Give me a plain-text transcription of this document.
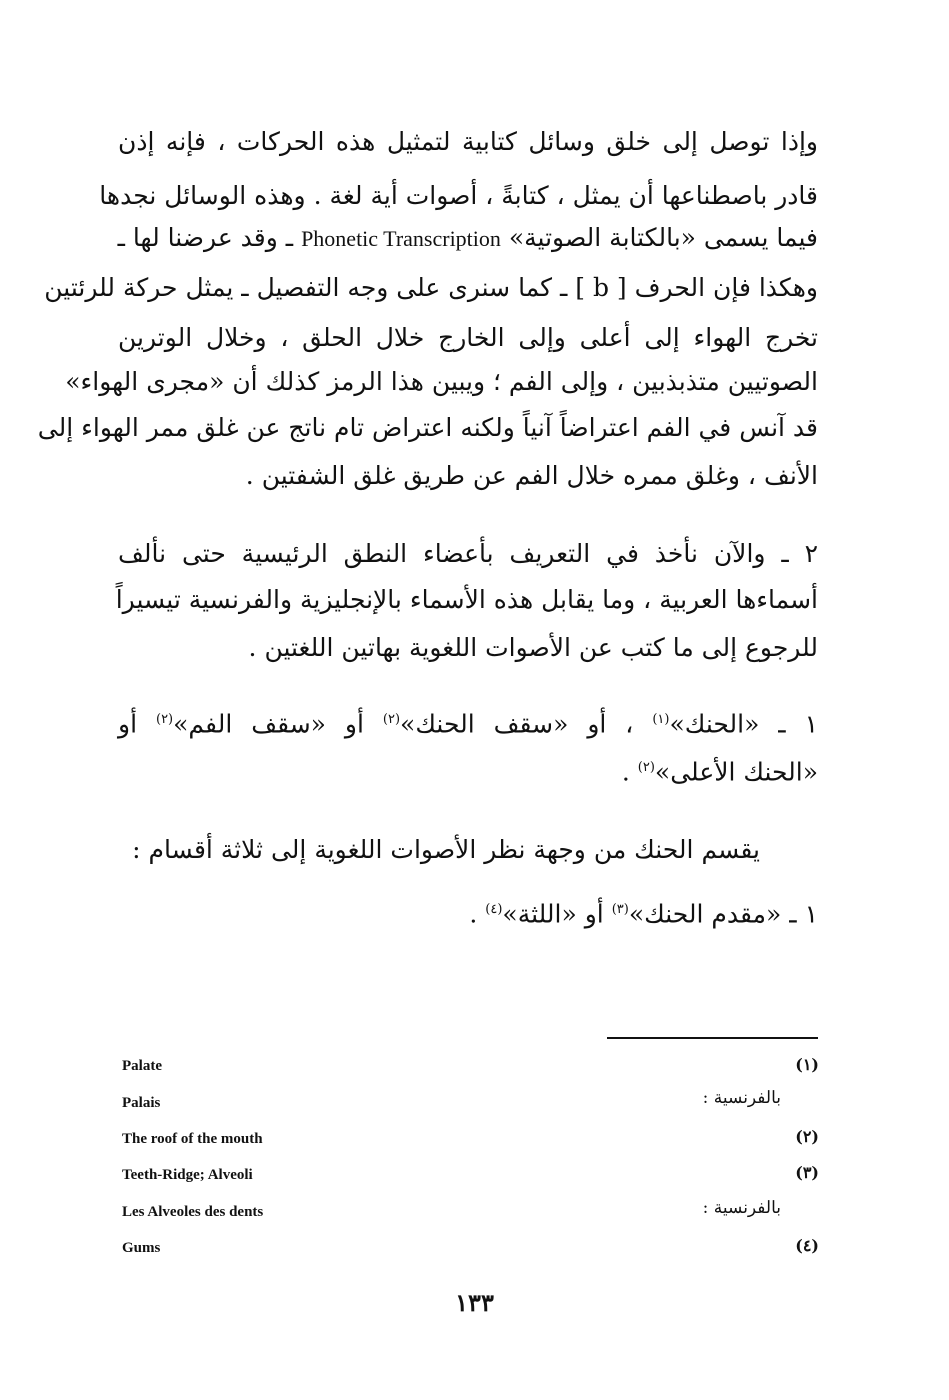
وإذا توصل إلى خلق وسائل كتابية لتمثيل هذه الحركات ، فإنه إذن
قادر باصطناعها أن يمثل ، كتابةً ، أصوات أية لغة . وهذه الوسائل نجدها
فيما يسمى «بالكتابة الصوتية» Phonetic Transcription ـ وقد عرضنا لها ـ
وهكذا فإن الحرف [ b ] ـ كما سنرى على وجه التفصيل ـ يمثل حركة للرئتين
تخرج الهواء إلى أعلى وإلى الخارج خلال الحلق ، وخلال الوترين
الصوتيين متذبذبين ، وإلى الفم ؛ ويبين هذا الرمز كذلك أن «مجرى الهواء»
قد آنس في الفم اعتراضاً آنياً ولكنه اعتراض تام ناتج عن غلق ممر الهواء إلى
الأنف ، وغلق ممره خلال الفم عن طريق غلق الشفتين .
٢ ـ والآن نأخذ في التعريف بأعضاء النطق الرئيسية حتى نألف
أسماءها العربية ، وما يقابل هذه الأسماء بالإنجليزية والفرنسية تيسيراً
للرجوع إلى ما كتب عن الأصوات اللغوية بهاتين اللغتين .
١ ـ «الحنك»$^{(١)}$ ، أو «سقف الحنك»$^{(٢)}$ أو «سقف الفم»$^{(٢)}$ أو
«الحنك الأعلى»$^{(٢)}$ .
يقسم الحنك من وجهة نظر الأصوات اللغوية إلى ثلاثة أقسام :
١ ـ «مقدم الحنك»$^{(٣)}$ أو «اللثة»$^{(٤)}$ .
Palate	(١)
Palais	بالفرنسية :
The roof of the mouth	(٢)
Teeth-Ridge; Alveoli	(٣)
Les Alveoles des dents	بالفرنسية :
Gums	(٤)
١٣٣
